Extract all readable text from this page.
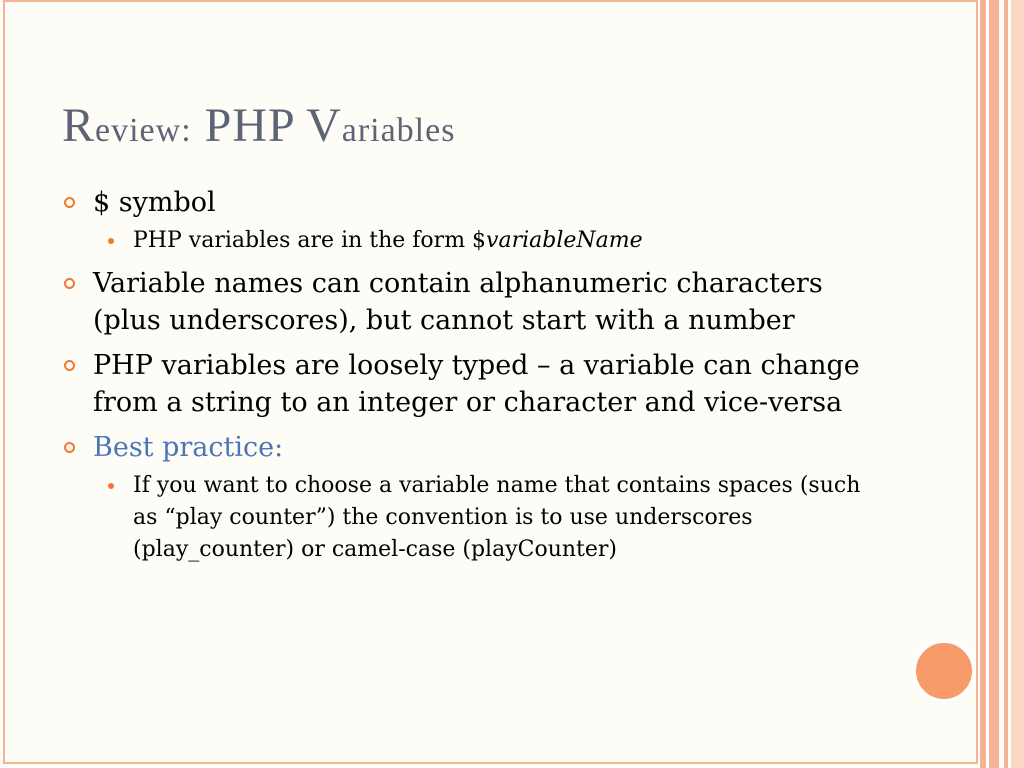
Review: PHP Variables
$ symbol
PHP variables are in the form $variableName
Variable names can contain alphanumeric characters (plus underscores), but cannot start with a number
PHP variables are loosely typed – a variable can change from a string to an integer or character and vice-versa
Best practice:
If you want to choose a variable name that contains spaces (such as “play counter”) the convention is to use underscores (play_counter) or camel-case (playCounter)
